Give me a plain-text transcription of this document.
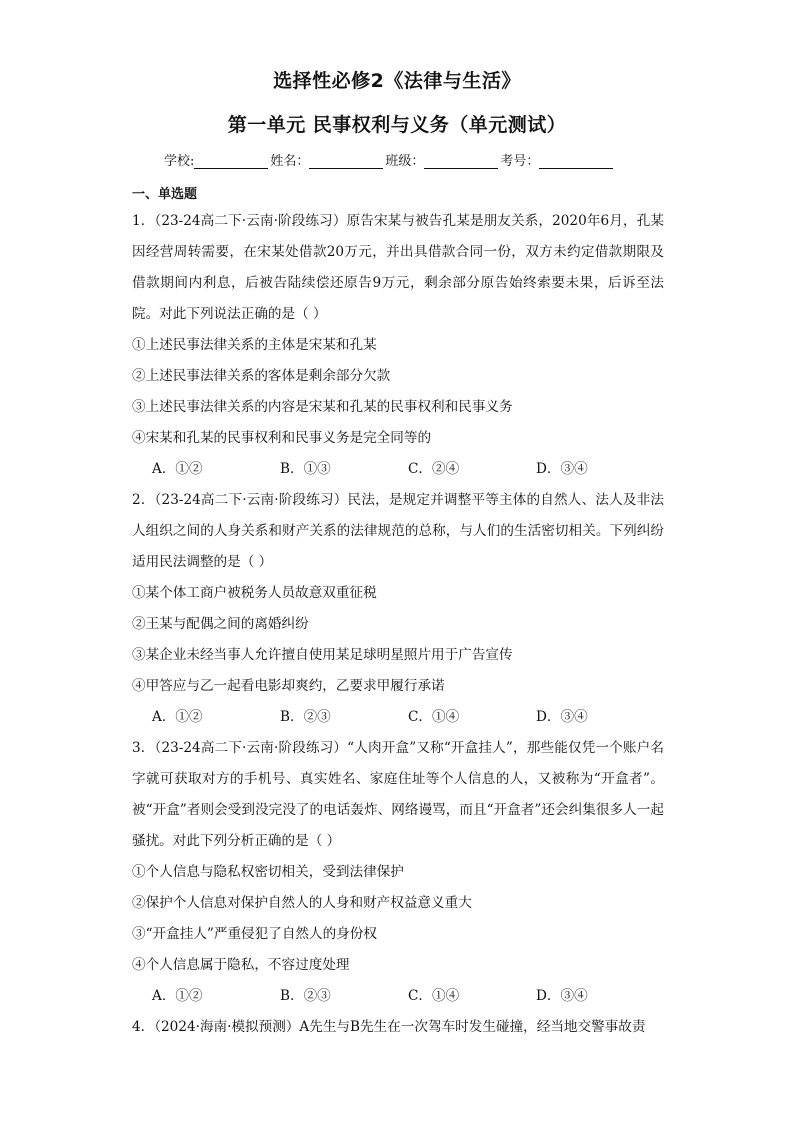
选择性必修2《法律与生活》
第一单元 民事权利与义务（单元测试）
学校:	姓名：	班级：	考号：
一、单选题
1．（23-24高二下·云南·阶段练习）原告宋某与被告孔某是朋友关系，2020年6月，孔某因经营周转需要，在宋某处借款20万元，并出具借款合同一份，双方未约定借款期限及借款期间内利息，后被告陆续偿还原告9万元，剩余部分原告始终索要未果，后诉至法院。对此下列说法正确的是（ ）
①上述民事法律关系的主体是宋某和孔某
②上述民事法律关系的客体是剩余部分欠款
③上述民事法律关系的内容是宋某和孔某的民事权利和民事义务
④宋某和孔某的民事权利和民事义务是完全同等的
A．①②	B．①③	C．②④	D．③④
2．（23-24高二下·云南·阶段练习）民法，是规定并调整平等主体的自然人、法人及非法人组织之间的人身关系和财产关系的法律规范的总称，与人们的生活密切相关。下列纠纷适用民法调整的是（ ）
①某个体工商户被税务人员故意双重征税
②王某与配偶之间的离婚纠纷
③某企业未经当事人允许擅自使用某足球明星照片用于广告宣传
④甲答应与乙一起看电影却爽约，乙要求甲履行承诺
A．①②	B．②③	C．①④	D．③④
3．（23-24高二下·云南·阶段练习）“人肉开盒”又称“开盒挂人”，那些能仅凭一个账户名字就可获取对方的手机号、真实姓名、家庭住址等个人信息的人，又被称为“开盒者”。被“开盒”者则会受到没完没了的电话轰炸、网络谩骂，而且“开盒者”还会纠集很多人一起骚扰。对此下列分析正确的是（ ）
①个人信息与隐私权密切相关，受到法律保护
②保护个人信息对保护自然人的人身和财产权益意义重大
③“开盒挂人”严重侵犯了自然人的身份权
④个人信息属于隐私，不容过度处理
A．①②	B．②③	C．①④	D．③④
4．（2024·海南·模拟预测）A先生与B先生在一次驾车时发生碰撞，经当地交警事故责
